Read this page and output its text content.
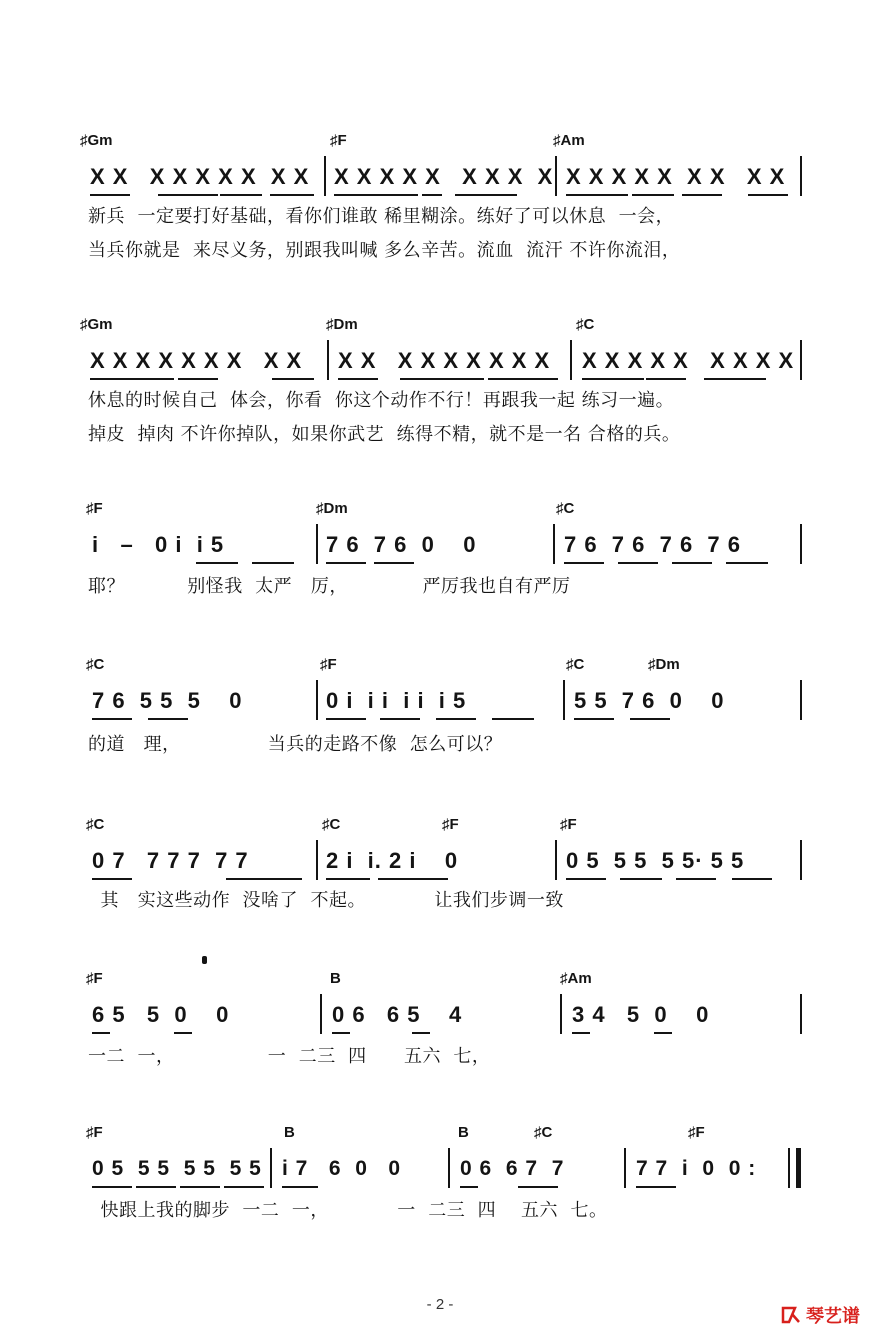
♯Gm	♯F	♯Am
X X   X X X X X  X X X X X X X   X X X  X X X X X X  X X   X X
新兵  一定要打好基础，看你们谁敢 稀里糊涂。练好了可以休息  一会，
当兵你就是  来尽义务，别跟我叫喊 多么辛苦。流血  流汗 不许你流泪，
♯Gm	♯Dm	♯C
X X X X X X X   X X X X   X X X X X X X X X X X X   X X X X
休息的时候自己  体会，你看  你这个动作不行！再跟我一起 练习一遍。
掉皮  掉肉 不许你掉队，如果你武艺  练得不精，就不是一名 合格的兵。
♯F	♯Dm	♯C
i   –   0 i  i 5	7 6  7 6  0    0	7 6  7 6  7 6  7 6
耶？          别怪我  太严   厉，            严厉我也自有严厉
♯C	♯F	♯C	♯Dm
7 6  5 5  5    0	0 i  i i  i i  i 5	5 5  7 6  0    0
的道   理，              当兵的走路不像  怎么可以？
♯C	♯C	♯F	♯F
0 7   7 7 7  7 7	2 i  i. 2 i    0	0 5  5 5  5 5· 5 5
其   实这些动作  没啥了  不起。           让我们步调一致
♯F	B	♯Am
6 5   5  0    0	0 6   6 5    4	3 4   5  0    0
一二  一，               一  二三  四      五六  七，
♯F	B	B	♯C	♯F
0 5  5 5  5 5  5 5 i 7   6  0   0	0 6  6 7  7	7 7  i  0  0 :
快跟上我的脚步  一二  一，           一  二三  四    五六  七。
- 2 -
琴艺谱
